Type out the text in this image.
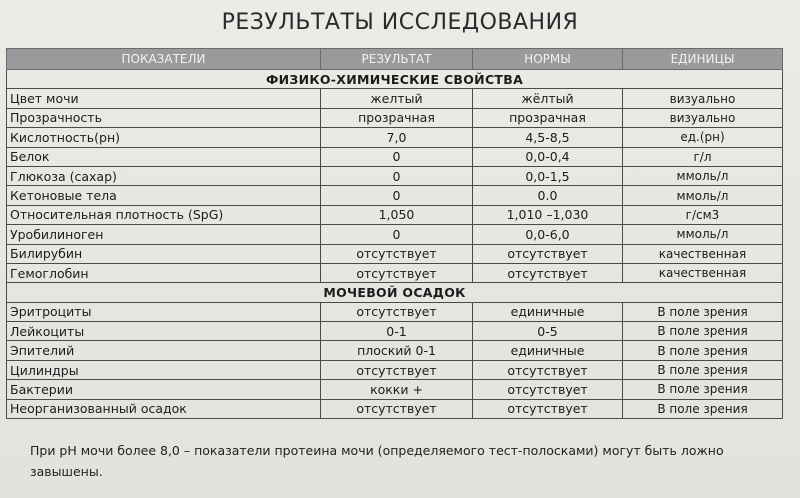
РЕЗУЛЬТАТЫ ИССЛЕДОВАНИЯ
ПОКАЗАТЕЛИ	РЕЗУЛЬТАТ	НОРМЫ	ЕДИНИЦЫ
ФИЗИКО-ХИМИЧЕСКИЕ СВОЙСТВА			
Цвет мочи	желтый	жёлтый	визуально
Прозрачность	прозрачная	прозрачная	визуально
Кислотность(рн)	7,0	4,5-8,5	ед.(рн)
Белок	0	0,0-0,4	г/л
Глюкоза (сахар)	0	0,0-1,5	ммоль/л
Кетоновые тела	0	0.0	ммоль/л
Относительная плотность (SpG)	1,050	1,010 –1,030	г/см3
Уробилиноген	0	0,0-6,0	ммоль/л
Билирубин	отсутствует	отсутствует	качественная
Гемоглобин	отсутствует	отсутствует	качественная
МОЧЕВОЙ ОСАДОК			
Эритроциты	отсутствует	единичные	В поле зрения
Лейкоциты	0-1	0-5	В поле зрения
Эпителий	плоский 0-1	единичные	В поле зрения
Цилиндры	отсутствует	отсутствует	В поле зрения
Бактерии	кокки +	отсутствует	В поле зрения
Неорганизованный осадок	отсутствует	отсутствует	В поле зрения
При рН мочи более 8,0 – показатели протеина мочи (определяемого тест-полосками) могут быть ложно завышены.
